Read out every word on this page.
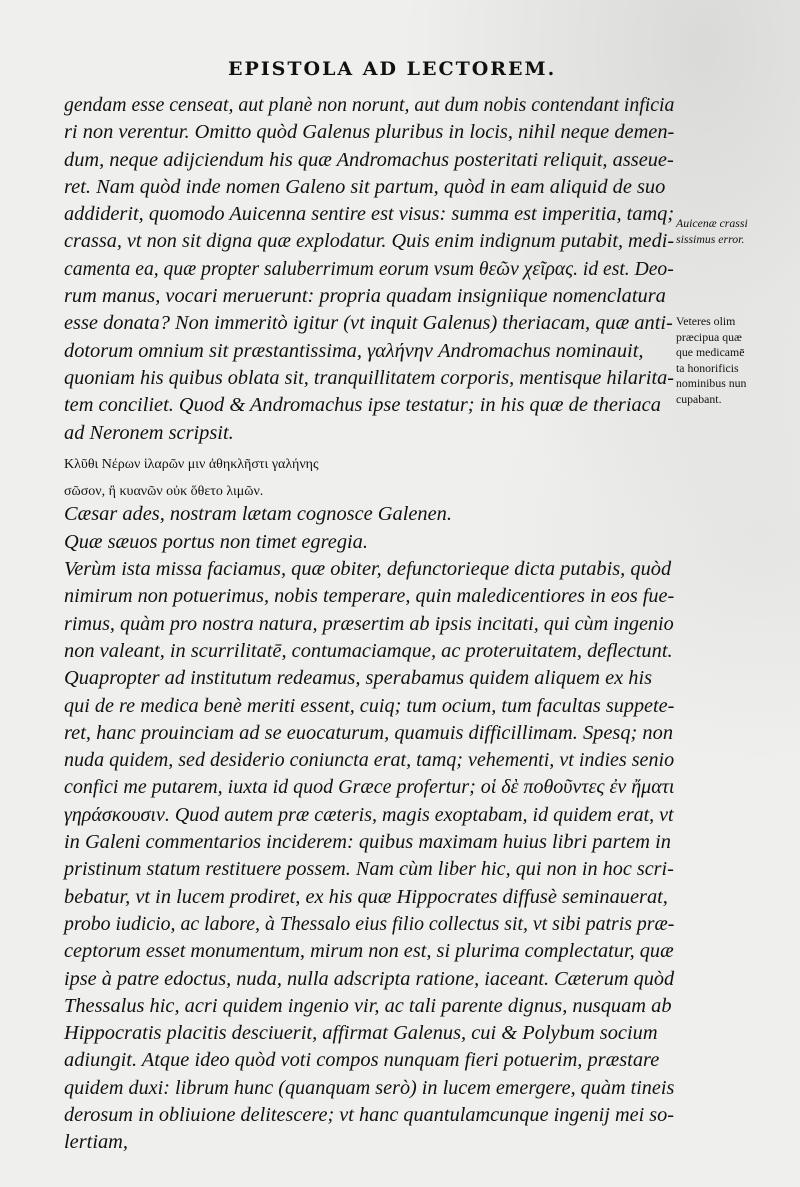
EPISTOLA AD LECTOREM.
gendam esse censeat, aut planè non norunt, aut dum nobis contendant inficia
ri non verentur. Omitto quòd Galenus pluribus in locis, nihil neque demen-
dum, neque adijciendum his quæ Andromachus posteritati reliquit, asseue-
ret. Nam quòd inde nomen Galeno sit partum, quòd in eam aliquid de suo
addiderit, quomodo Auicenna sentire est visus: summa est imperitia, tamq;
crassa, vt non sit digna quæ explodatur. Quis enim indignum putabit, medi-
camenta ea, quæ propter saluberrimum eorum vsum θεῶν χεῖρας. id est. Deo-
rum manus, vocari meruerunt: propria quadam insigniique nomenclatura
esse donata? Non immeritò igitur (vt inquit Galenus) theriacam, quæ anti-
dotorum omnium sit præstantissima, γαλήνην Andromachus nominauit,
quoniam his quibus oblata sit, tranquillitatem corporis, mentisque hilarita-
tem conciliet. Quod & Andromachus ipse testatur; in his quæ de theriaca
ad Neronem scripsit.
Κλῦθι Νέρων ἱλαρῶν μιν ἀθηκλῆστι γαλήνης
σῶσον, ἢ κυανῶν οὐκ ὅθετο λιμῶν.
Cæsar ades, nostram lætam cognosce Galenen.
Quæ sæuos portus non timet egregia.
Verùm ista missa faciamus, quæ obiter, defunctorieque dicta putabis, quòd
nimirum non potuerimus, nobis temperare, quin maledicentiores in eos fue-
rimus, quàm pro nostra natura, præsertim ab ipsis incitati, qui cùm ingenio
non valeant, in scurrilitatē, contumaciamque, ac proteruitatem, deflectunt.
Quapropter ad institutum redeamus, sperabamus quidem aliquem ex his
qui de re medica benè meriti essent, cuiq; tum ocium, tum facultas suppete-
ret, hanc prouinciam ad se euocaturum, quamuis difficillimam. Spesq; non
nuda quidem, sed desiderio coniuncta erat, tamq; vehementi, vt indies senio
confici me putarem, iuxta id quod Græce profertur; οἱ δὲ ποθοῦντες ἐν ἤματι
γηράσκουσιν. Quod autem præ cæteris, magis exoptabam, id quidem erat, vt
in Galeni commentarios inciderem: quibus maximam huius libri partem in
pristinum statum restituere possem. Nam cùm liber hic, qui non in hoc scri-
bebatur, vt in lucem prodiret, ex his quæ Hippocrates diffusè seminauerat,
probo iudicio, ac labore, à Thessalo eius filio collectus sit, vt sibi patris præ-
ceptorum esset monumentum, mirum non est, si plurima complectatur, quæ
ipse à patre edoctus, nuda, nulla adscripta ratione, iaceant. Cæterum quòd
Thessalus hic, acri quidem ingenio vir, ac tali parente dignus, nusquam ab
Hippocratis placitis desciuerit, affirmat Galenus, cui & Polybum socium
adiungit. Atque ideo quòd voti compos nunquam fieri potuerim, præstare
quidem duxi: librum hunc (quanquam serò) in lucem emergere, quàm tineis
derosum in obliuione delitescere; vt hanc quantulamcunque ingenij mei so-
lertiam,
Auicenæ crassi
sissimus error.
Veteres olim
præcipua quæ
que medicamē
ta honorificis
nominibus nun
cupabant.
